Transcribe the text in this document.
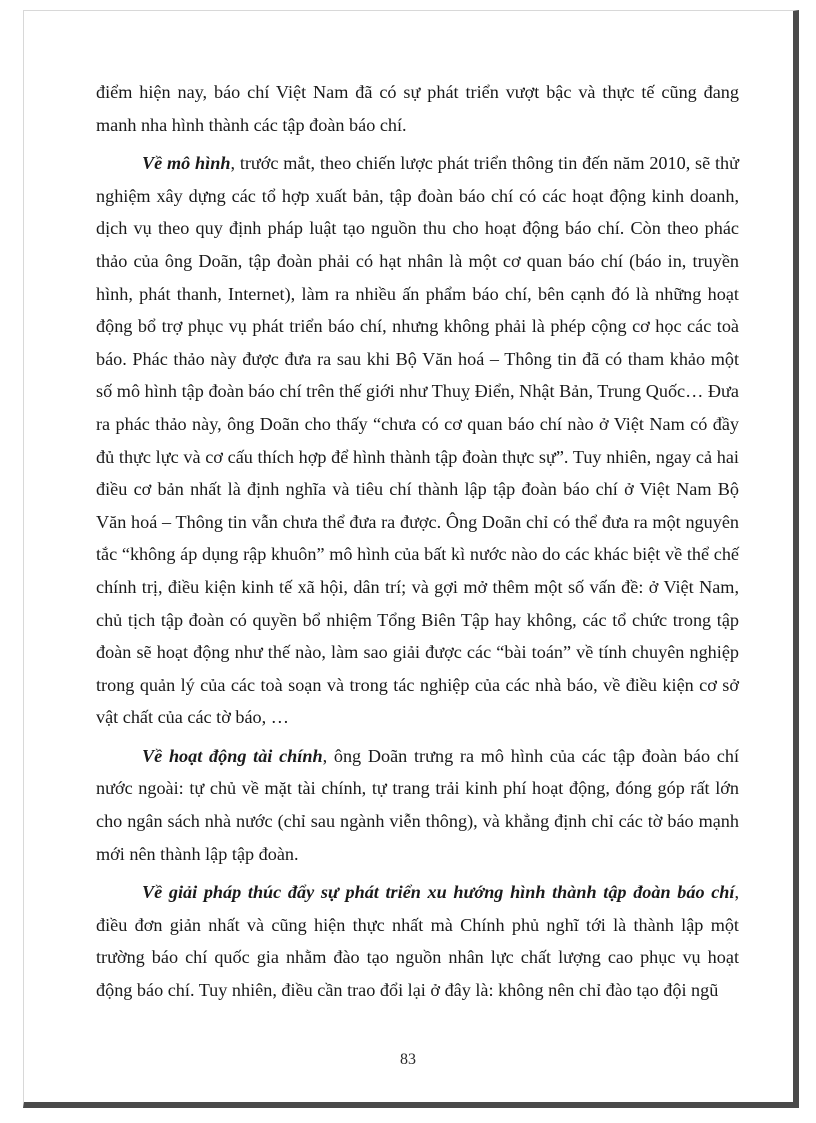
điểm hiện nay, báo chí Việt Nam đã có sự phát triển vượt bậc và thực tế cũng đang manh nha hình thành các tập đoàn báo chí.

Về mô hình, trước mắt, theo chiến lược phát triển thông tin đến năm 2010, sẽ thử nghiệm xây dựng các tổ hợp xuất bản, tập đoàn báo chí có các hoạt động kinh doanh, dịch vụ theo quy định pháp luật tạo nguồn thu cho hoạt động báo chí. Còn theo phác thảo của ông Doãn, tập đoàn phải có hạt nhân là một cơ quan báo chí (báo in, truyền hình, phát thanh, Internet), làm ra nhiều ấn phẩm báo chí, bên cạnh đó là những hoạt động bổ trợ phục vụ phát triển báo chí, nhưng không phải là phép cộng cơ học các toà báo. Phác thảo này được đưa ra sau khi Bộ Văn hoá – Thông tin đã có tham khảo một số mô hình tập đoàn báo chí trên thế giới như Thuỵ Điển, Nhật Bản, Trung Quốc… Đưa ra phác thảo này, ông Doãn cho thấy “chưa có cơ quan báo chí nào ở Việt Nam có đầy đủ thực lực và cơ cấu thích hợp để hình thành tập đoàn thực sự”. Tuy nhiên, ngay cả hai điều cơ bản nhất là định nghĩa và tiêu chí thành lập tập đoàn báo chí ở Việt Nam Bộ Văn hoá – Thông tin vẫn chưa thể đưa ra được. Ông Doãn chỉ có thể đưa ra một nguyên tắc “không áp dụng rập khuôn” mô hình của bất kì nước nào do các khác biệt về thể chế chính trị, điều kiện kinh tế xã hội, dân trí; và gợi mở thêm một số vấn đề: ở Việt Nam, chủ tịch tập đoàn có quyền bổ nhiệm Tổng Biên Tập hay không, các tổ chức trong tập đoàn sẽ hoạt động như thế nào, làm sao giải được các “bài toán” về tính chuyên nghiệp trong quản lý của các toà soạn và trong tác nghiệp của các nhà báo, về điều kiện cơ sở vật chất của các tờ báo, …

Về hoạt động tài chính, ông Doãn trưng ra mô hình của các tập đoàn báo chí nước ngoài: tự chủ về mặt tài chính, tự trang trải kinh phí hoạt động, đóng góp rất lớn cho ngân sách nhà nước (chỉ sau ngành viễn thông), và khẳng định chỉ các tờ báo mạnh mới nên thành lập tập đoàn.

Về giải pháp thúc đẩy sự phát triển xu hướng hình thành tập đoàn báo chí, điều đơn giản nhất và cũng hiện thực nhất mà Chính phủ nghĩ tới là thành lập một trường báo chí quốc gia nhằm đào tạo nguồn nhân lực chất lượng cao phục vụ hoạt động báo chí. Tuy nhiên, điều cần trao đổi lại ở đây là: không nên chỉ đào tạo đội ngũ

83
